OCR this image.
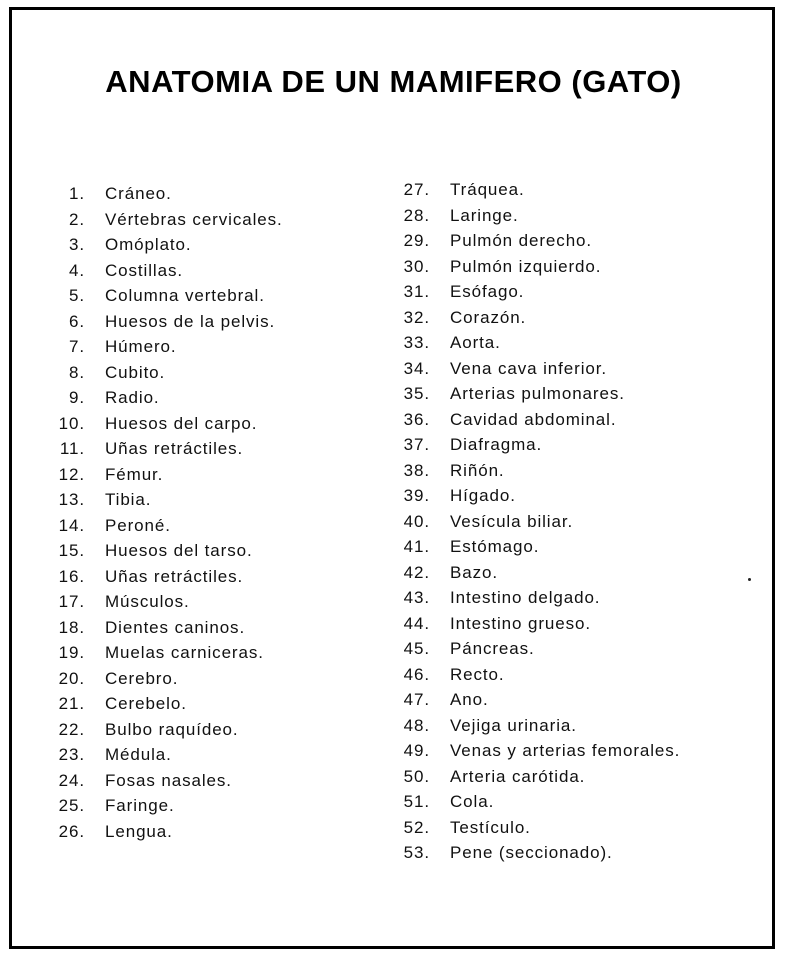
ANATOMIA DE UN MAMIFERO (GATO)
1. Cráneo.
2. Vértebras cervicales.
3. Omóplato.
4. Costillas.
5. Columna vertebral.
6. Huesos de la pelvis.
7. Húmero.
8. Cubito.
9. Radio.
10. Huesos del carpo.
11. Uñas retráctiles.
12. Fémur.
13. Tibia.
14. Peroné.
15. Huesos del tarso.
16. Uñas retráctiles.
17. Músculos.
18. Dientes caninos.
19. Muelas carniceras.
20. Cerebro.
21. Cerebelo.
22. Bulbo raquídeo.
23. Médula.
24. Fosas nasales.
25. Faringe.
26. Lengua.
27. Tráquea.
28. Laringe.
29. Pulmón derecho.
30. Pulmón izquierdo.
31. Esófago.
32. Corazón.
33. Aorta.
34. Vena cava inferior.
35. Arterias pulmonares.
36. Cavidad abdominal.
37. Diafragma.
38. Riñón.
39. Hígado.
40. Vesícula biliar.
41. Estómago.
42. Bazo.
43. Intestino delgado.
44. Intestino grueso.
45. Páncreas.
46. Recto.
47. Ano.
48. Vejiga urinaria.
49. Venas y arterias femorales.
50. Arteria carótida.
51. Cola.
52. Testículo.
53. Pene (seccionado).
